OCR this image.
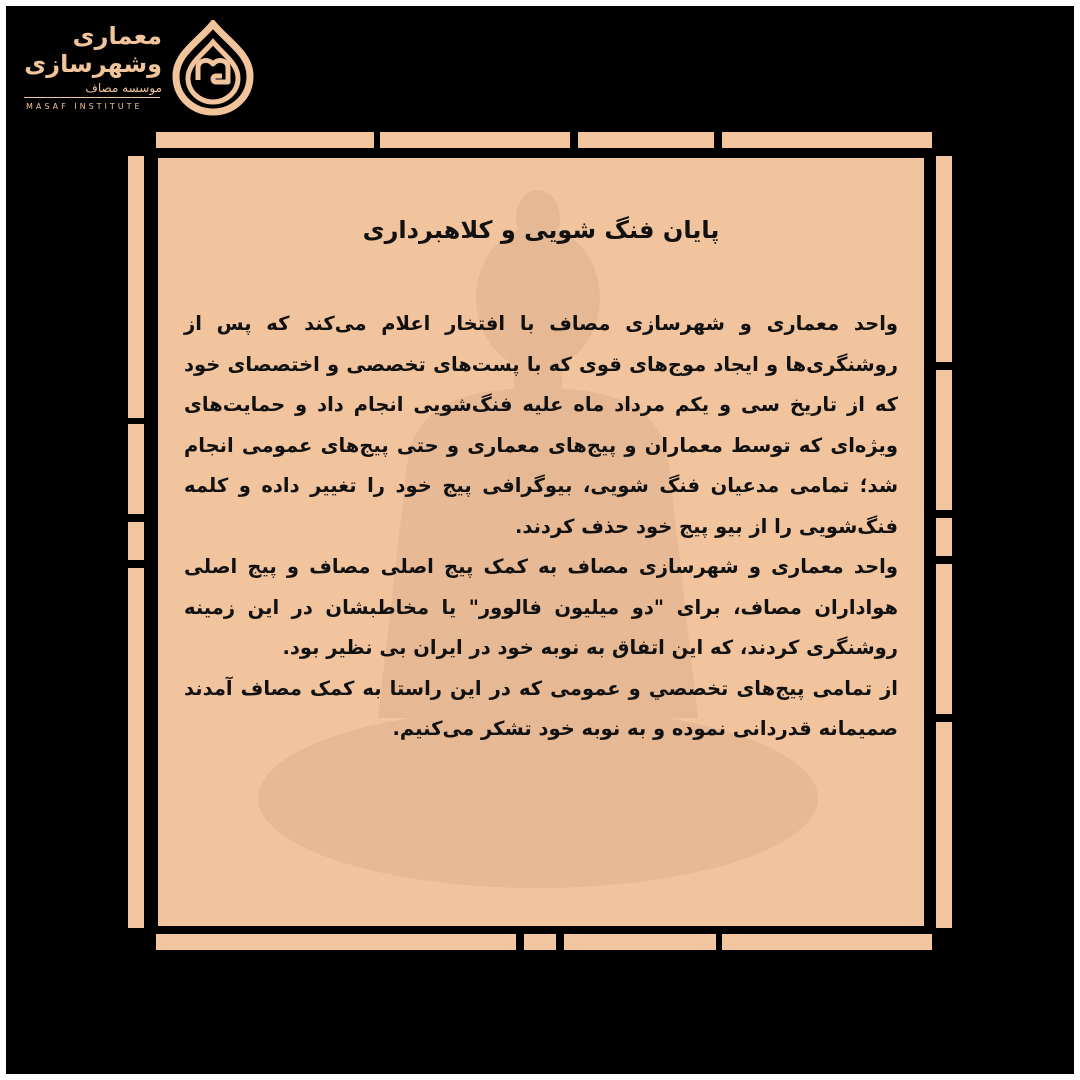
معماری
وشهرسازی
موسسه مصاف
MASAF INSTITUTE
پایان فنگ شویی و کلاهبرداری

واحد معماری و شهرسازی مصاف با افتخار اعلام می‌کند که پس از روشنگری‌ها و ایجاد موج‌های قوی که با پست‌های تخصصی و اختصصای خود که از تاریخ سی و یکم مرداد ماه علیه فنگ‌شویی انجام داد و حمایت‌های ویژه‌ای که توسط معماران و پیج‌های معماری و حتی پیج‌های عمومی انجام شد؛ تمامی مدعیان فنگ شویی، بیوگرافی پیج خود را تغییر داده و کلمه فنگ‌شویی را از بیو پیج خود حذف کردند.

واحد معماری و شهرسازی مصاف به کمک پیج اصلی مصاف و پیج اصلی هواداران مصاف، برای "دو میلیون فالوور" یا مخاطبشان در این زمینه روشنگری کردند، که این اتفاق به نوبه خود در ایران بی نظیر بود.

از تمامی پیج‌های تخصصي و عمومی که در این راستا به کمک مصاف آمدند صمیمانه قدردانی نموده و به نوبه خود تشکر می‌کنیم.
